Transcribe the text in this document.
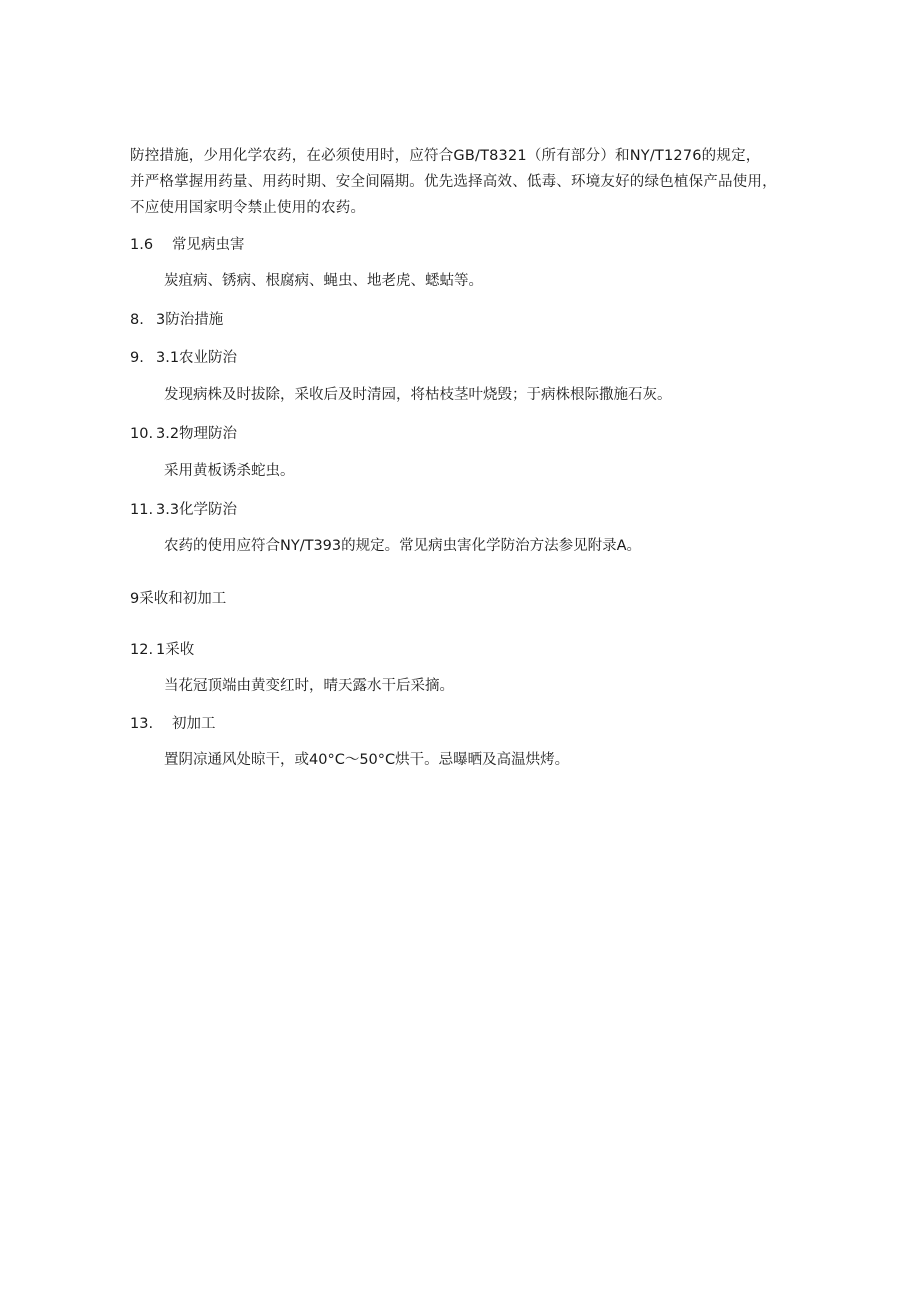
防控措施，少用化学农药，在必须使用时，应符合GB/T8321（所有部分）和NY/T1276的规定，

并严格掌握用药量、用药时期、安全间隔期。优先选择高效、低毒、环境友好的绿色植保产品使用，

不应使用国家明令禁止使用的农药。

1.6 常见病虫害
炭疽病、锈病、根腐病、蝇虫、地老虎、蟋蛄等。
8. 3防治措施
9. 3.1农业防治
发现病株及时拔除，采收后及时清园，将枯枝茎叶烧毁；于病株根际撒施石灰。
10. 3.2物理防治
采用黄板诱杀蛇虫。
11. 3.3化学防治
农药的使用应符合NY/T393的规定。常见病虫害化学防治方法参见附录A。
9采收和初加工
12. 1采收
当花冠顶端由黄变红时，晴天露水干后采摘。
13. 初加工
置阴凉通风处晾干，或40°C～50°C烘干。忌曝晒及高温烘烤。
